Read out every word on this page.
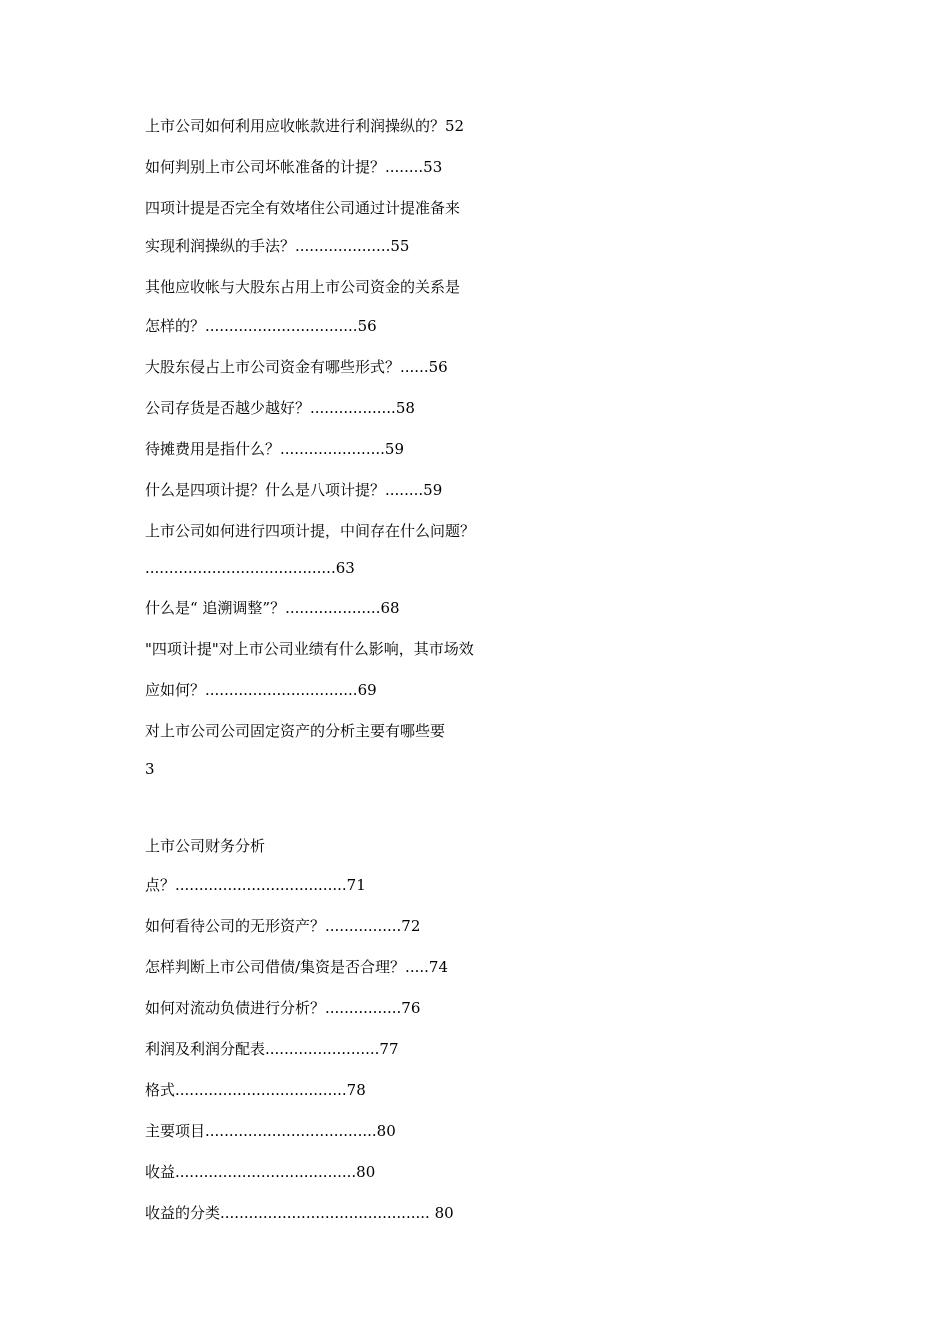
上市公司如何利用应收帐款进行利润操纵的？52
如何判别上市公司坏帐准备的计提？........53
四项计提是否完全有效堵住公司通过计提准备来
实现利润操纵的手法？....................55
其他应收帐与大股东占用上市公司资金的关系是
怎样的？................................56
大股东侵占上市公司资金有哪些形式？......56
公司存货是否越少越好？..................58
待摊费用是指什么？......................59
什么是四项计提？什么是八项计提？........59
上市公司如何进行四项计提，中间存在什么问题？
........................................63
什么是“ 追溯调整”？....................68
"四项计提"对上市公司业绩有什么影响，其市场效
应如何？................................69
对上市公司公司固定资产的分析主要有哪些要
3
上市公司财务分析
点？....................................71
如何看待公司的无形资产？................72
怎样判断上市公司借债/集资是否合理？.....74
如何对流动负债进行分析？................76
利润及利润分配表........................77
格式....................................78
主要项目....................................80
收益......................................80
收益的分类............................................ 80
